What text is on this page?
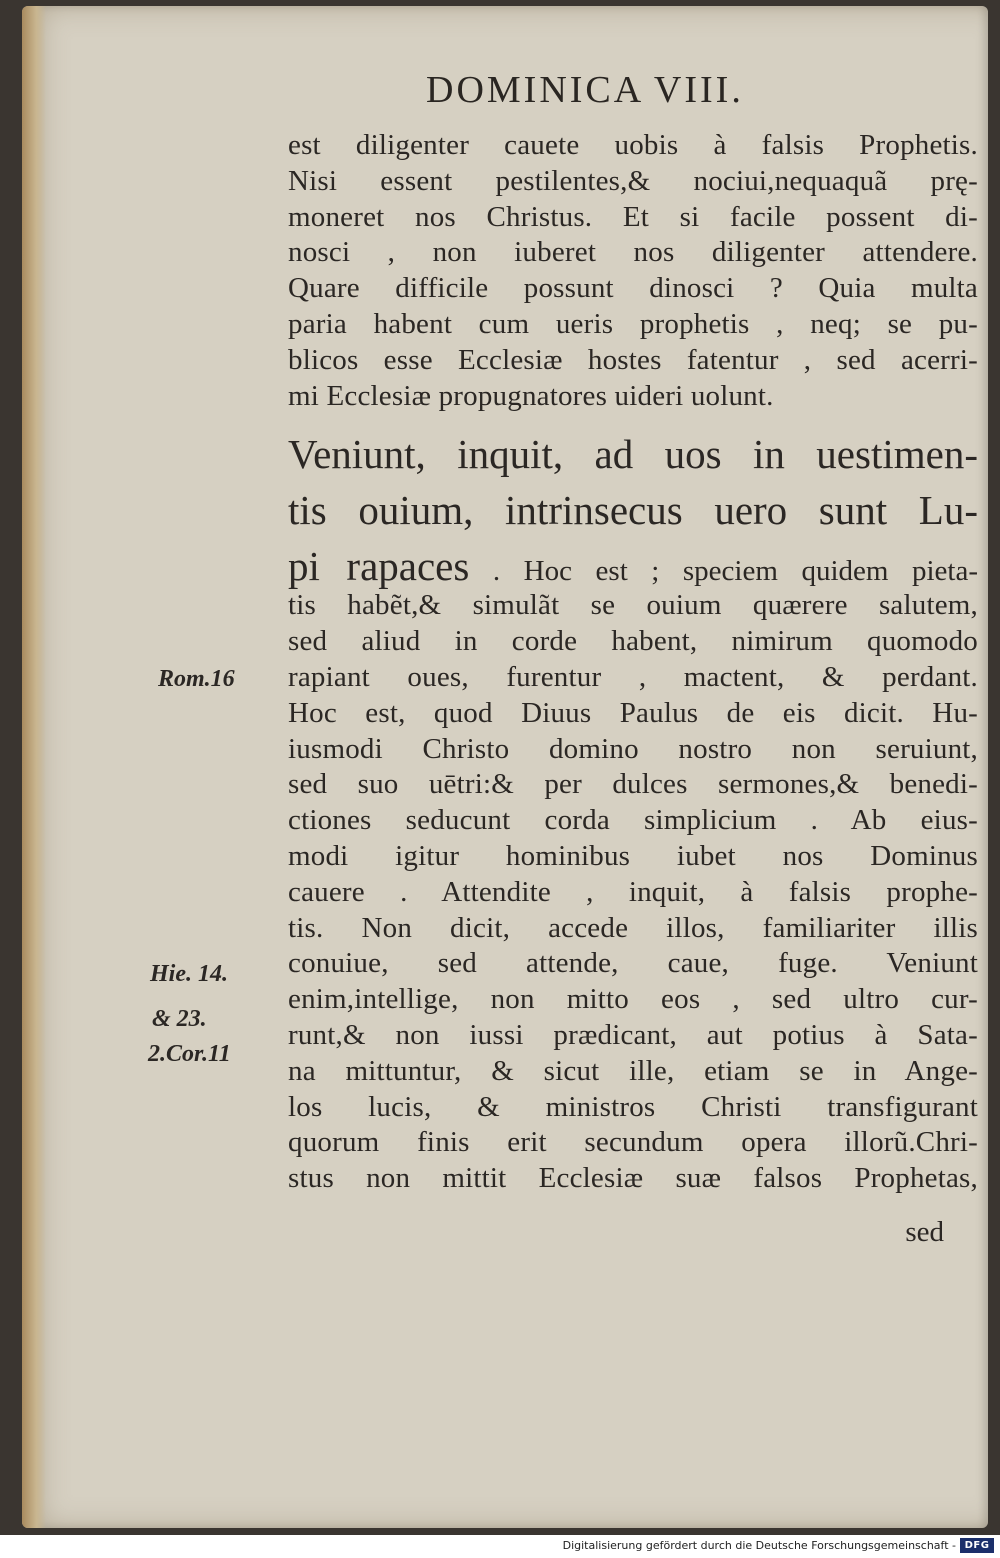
DOMINICA VIII.
est diligenter cauete uobis à falsis Prophetis.
Nisi essent pestilentes,& nociui,nequaquã prę-
moneret nos Christus. Et si facile possent di-
nosci , non iuberet nos diligenter attendere.
Quare difficile possunt dinosci ? Quia multa
paria habent cum ueris prophetis , neq; se pu-
blicos esse Ecclesiæ hostes fatentur , sed acerri-
mi Ecclesiæ propugnatores uideri uolunt.
Veniunt, inquit, ad uos in uestimen-
tis ouium, intrinsecus uero sunt Lu-
pi rapaces . Hoc est ; speciem quidem pieta-
tis habẽt,& simulãt se ouium quærere salutem,
sed aliud in corde habent, nimirum quomodo
rapiant oues, furentur , mactent, & perdant.
Hoc est, quod Diuus Paulus de eis dicit. Hu-
iusmodi Christo domino nostro non seruiunt,
sed suo uētri:& per dulces sermones,& benedi-
ctiones seducunt corda simplicium . Ab eius-
modi igitur hominibus iubet nos Dominus
cauere . Attendite , inquit, à falsis prophe-
tis. Non dicit, accede illos, familiariter illis
conuiue, sed attende, caue, fuge. Veniunt
enim,intellige, non mitto eos , sed ultro cur-
runt,& non iussi prædicant, aut potius à Sata-
na mittuntur, & sicut ille, etiam se in Ange-
los lucis, & ministros Christi transfigurant
quorum finis erit secundum opera illorũ.Chri-
stus non mittit Ecclesiæ suæ falsos Prophetas,
sed
Rom.16
Hie. 14.
& 23.
2.Cor.11
Digitalisierung gefördert durch die Deutsche Forschungsgemeinschaft - DFG
